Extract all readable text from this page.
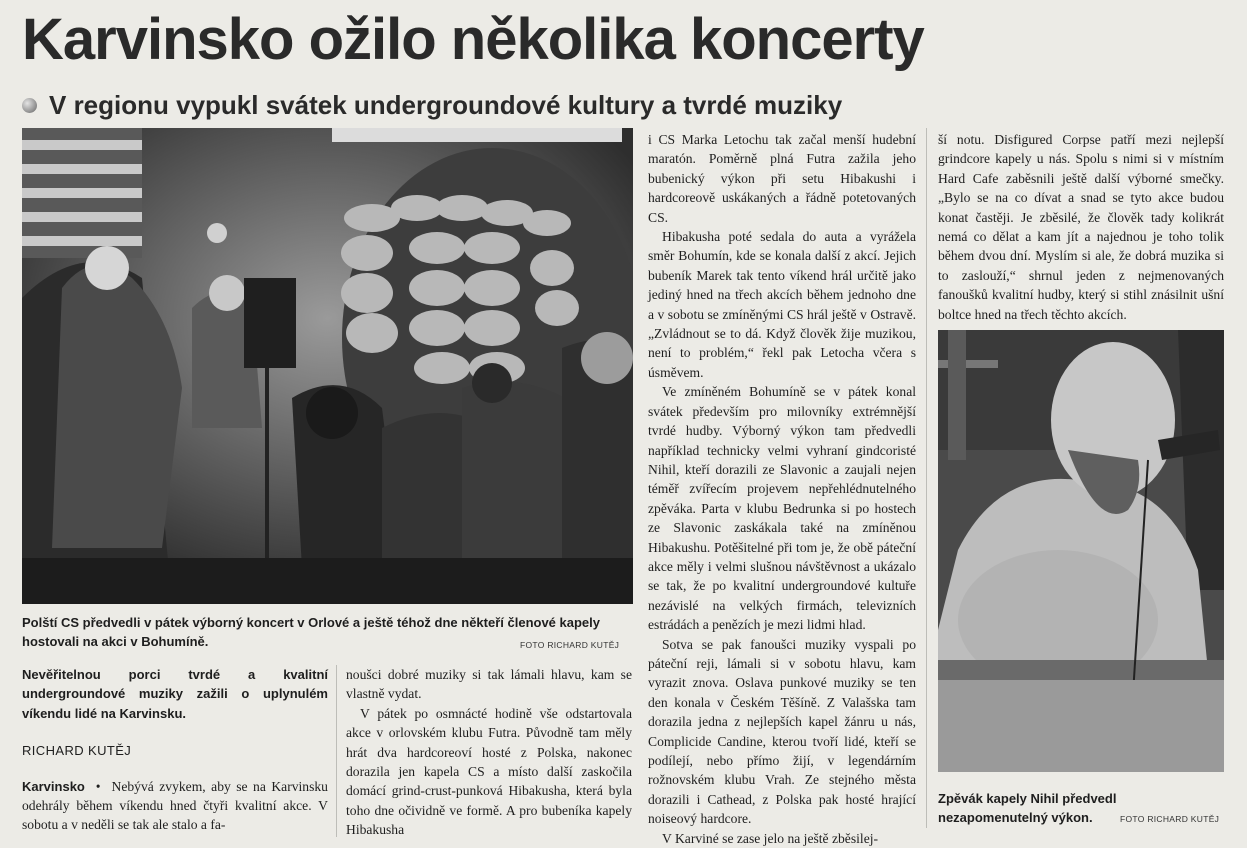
Karvinsko ožilo několika koncerty
V regionu vypukl svátek undergroundové kultury a tvrdé muziky
Polští CS předvedli v pátek výborný koncert v Orlové a ještě téhož dne někteří členové kapely hostovali na akci v Bohumíně.	FOTO RICHARD KUTĚJ

Nevěřitelnou porci tvrdé a kvalitní undergroundové muziky zažili o uplynulém víkendu lidé na Karvinsku.

RICHARD KUTĚJ

Karvinsko  •  Nebývá zvykem, aby se na Karvinsku odehrály během víkendu hned čtyři kvalitní akce. V sobotu a v neděli se tak ale stalo a fa-

noušci dobré muziky si tak lámali hlavu, kam se vlastně vydat.

V pátek po osmnácté hodině vše odstartovala akce v orlovském klubu Futra. Původně tam měly hrát dva hardcoreoví hosté z Polska, nakonec dorazila jen kapela CS a místo další zaskočila domácí grind-crust-punková Hibakusha, která byla toho dne očividně ve formě. A pro bubeníka kapely Hibakusha

i CS Marka Letochu tak začal menší hudební maratón. Poměrně plná Futra zažila jeho bubenický výkon při setu Hibakushi i hardcoreově uskákaných a řádně potetovaných CS.

Hibakusha poté sedala do auta a vyrážela směr Bohumín, kde se konala další z akcí. Jejich bubeník Marek tak tento víkend hrál určitě jako jediný hned na třech akcích během jednoho dne a v sobotu se zmíněnými CS hrál ještě v Ostravě. „Zvládnout se to dá. Když člověk žije muzikou, není to problém,“ řekl pak Letocha včera s úsměvem.

Ve zmíněném Bohumíně se v pátek konal svátek především pro milovníky extrémnější tvrdé hudby. Výborný výkon tam předvedli například technicky velmi vyhraní gindcoristé Nihil, kteří dorazili ze Slavonic a zaujali nejen téměř zvířecím projevem nepřehlédnutelného zpěváka. Parta v klubu Bedrunka si po hostech ze Slavonic zaskákala také na zmíněnou Hibakushu. Potěšitelné při tom je, že obě páteční akce měly i velmi slušnou návštěvnost a ukázalo se tak, že po kvalitní undergroundové kultuře nezávislé na velkých firmách, televizních estrádách a penězích je mezi lidmi hlad.

Sotva se pak fanoušci muziky vyspali po páteční reji, lámali si v sobotu hlavu, kam vyrazit znova. Oslava punkové muziky se ten den konala v Českém Těšíně. Z Valašska tam dorazila jedna z nejlepších kapel žánru u nás, Complicide Candine, kterou tvoří lidé, kteří se podílejí, nebo přímo žijí, v legendárním rožnovském klubu Vrah. Ze stejného města dorazili i Cathead, z Polska pak hosté hrající noiseový hardcore.

V Karviné se zase jelo na ještě zběsilej-

ší notu. Disfigured Corpse patří mezi nejlepší grindcore kapely u nás. Spolu s nimi si v místním Hard Cafe zaběsnili ještě další výborné smečky. „Bylo se na co dívat a snad se tyto akce budou konat častěji. Je zběsilé, že člověk tady kolikrát nemá co dělat a kam jít a najednou je toho tolik během dvou dní. Myslím si ale, že dobrá muzika si to zaslouží,“ shrnul jeden z nejmenovaných fanoušků kvalitní hudby, který si stihl znásilnit ušní boltce hned na třech těchto akcích.

Zpěvák kapely Nihil předvedl nezapomenutelný výkon.	FOTO RICHARD KUTĚJ
